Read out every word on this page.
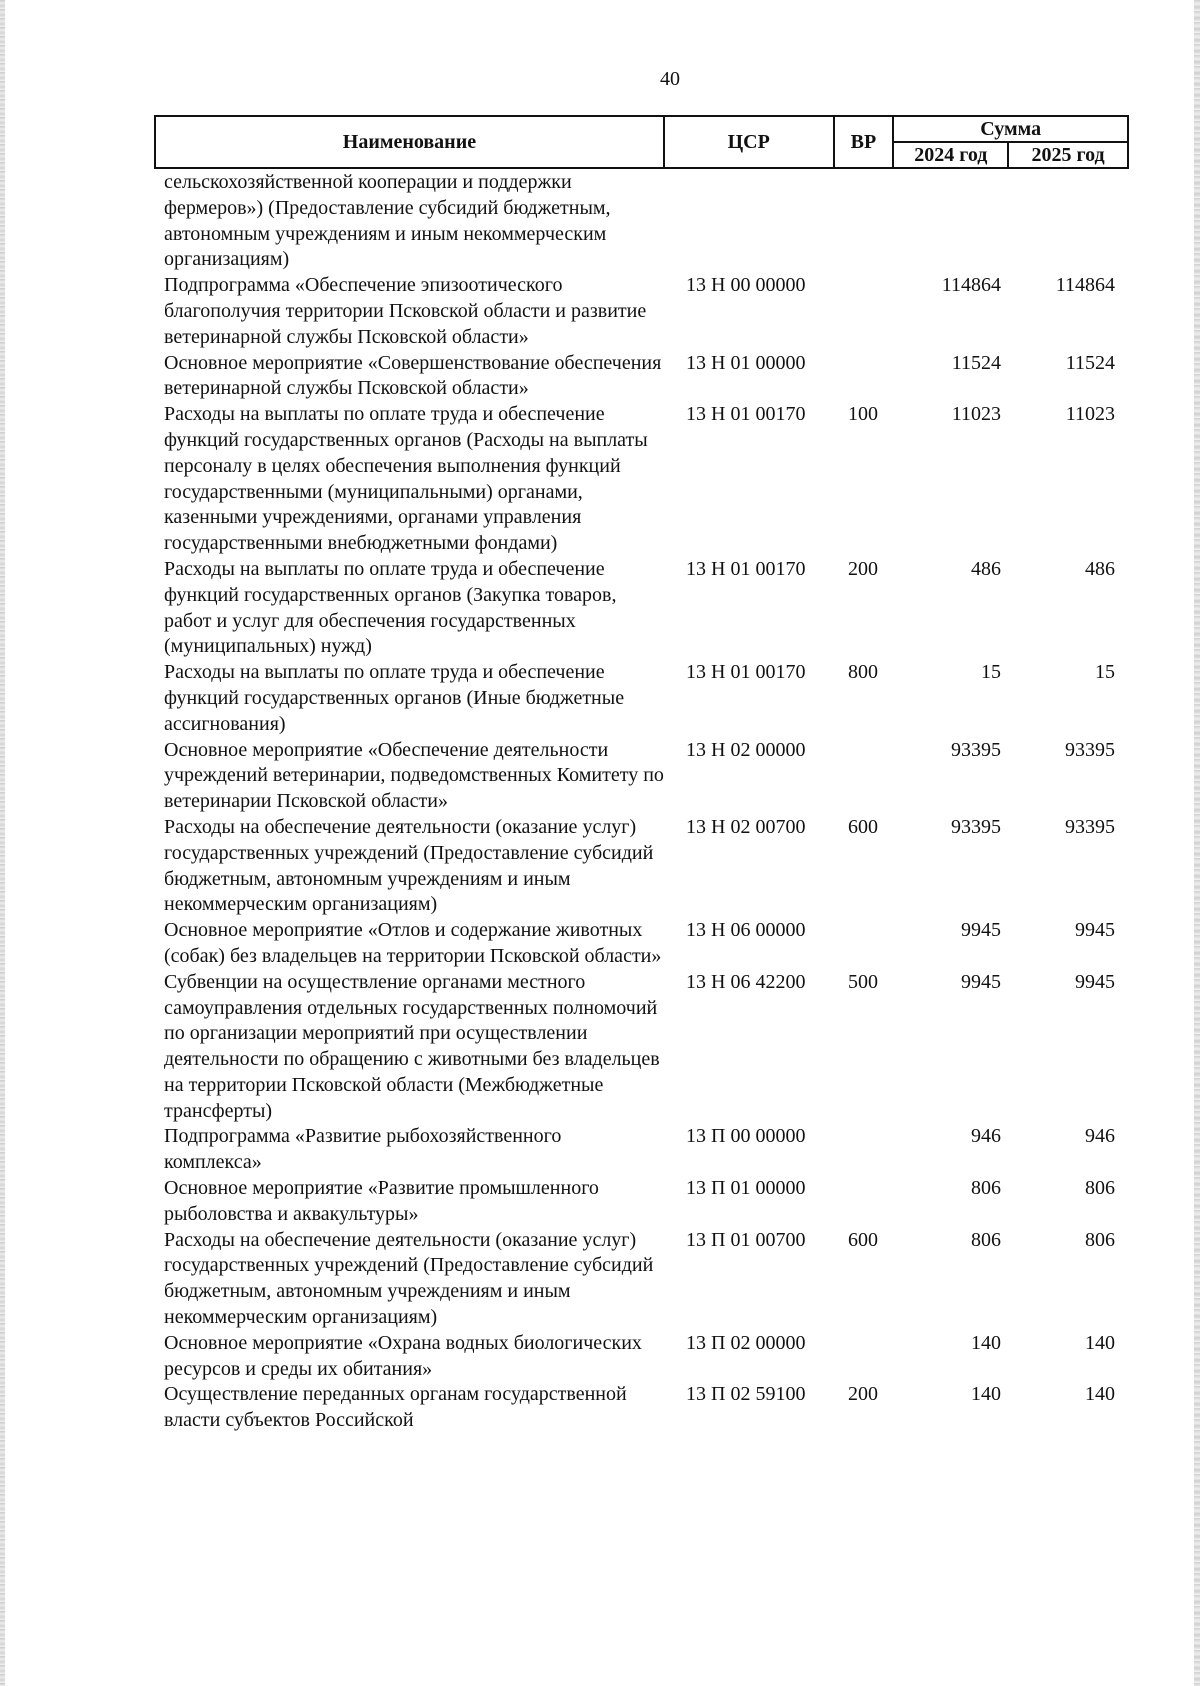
40
Наименование	ЦСР	ВР	Сумма	
			2024 год	2025 год
сельскохозяйственной кооперации и поддержки фермеров») (Предоставление субсидий бюджетным, автономным учреждениям и иным некоммерческим организациям)				
Подпрограмма «Обеспечение эпизоотического благополучия территории Псковской области и развитие ветеринарной службы Псковской области»	13 Н 00 00000		114864	114864
Основное мероприятие «Совершенствование обеспечения ветеринарной службы Псковской области»	13 Н 01 00000		11524	11524
Расходы на выплаты по оплате труда и обеспечение функций государственных органов (Расходы на выплаты персоналу в целях обеспечения выполнения функций государственными (муниципальными) органами, казенными учреждениями, органами управления государственными внебюджетными фондами)	13 Н 01 00170	100	11023	11023
Расходы на выплаты по оплате труда и обеспечение функций государственных органов (Закупка товаров, работ и услуг для обеспечения государственных (муниципальных) нужд)	13 Н 01 00170	200	486	486
Расходы на выплаты по оплате труда и обеспечение функций государственных органов (Иные бюджетные ассигнования)	13 Н 01 00170	800	15	15
Основное мероприятие «Обеспечение деятельности учреждений ветеринарии, подведомственных Комитету по ветеринарии Псковской области»	13 Н 02 00000		93395	93395
Расходы на обеспечение деятельности (оказание услуг) государственных учреждений (Предоставление субсидий бюджетным, автономным учреждениям и иным некоммерческим организациям)	13 Н 02 00700	600	93395	93395
Основное мероприятие «Отлов и содержание животных (собак) без владельцев на территории Псковской области»	13 Н 06 00000		9945	9945
Субвенции на осуществление органами местного самоуправления отдельных государственных полномочий по организации мероприятий при осуществлении деятельности по обращению с животными без владельцев на территории Псковской области (Межбюджетные трансферты)	13 Н 06 42200	500	9945	9945
Подпрограмма «Развитие рыбохозяйственного комплекса»	13 П 00 00000		946	946
Основное мероприятие «Развитие промышленного рыболовства и аквакультуры»	13 П 01 00000		806	806
Расходы на обеспечение деятельности (оказание услуг) государственных учреждений (Предоставление субсидий бюджетным, автономным учреждениям и иным некоммерческим организациям)	13 П 01 00700	600	806	806
Основное мероприятие «Охрана водных биологических ресурсов и среды их обитания»	13 П 02 00000		140	140
Осуществление переданных органам государственной власти субъектов Российской	13 П 02 59100	200	140	140
